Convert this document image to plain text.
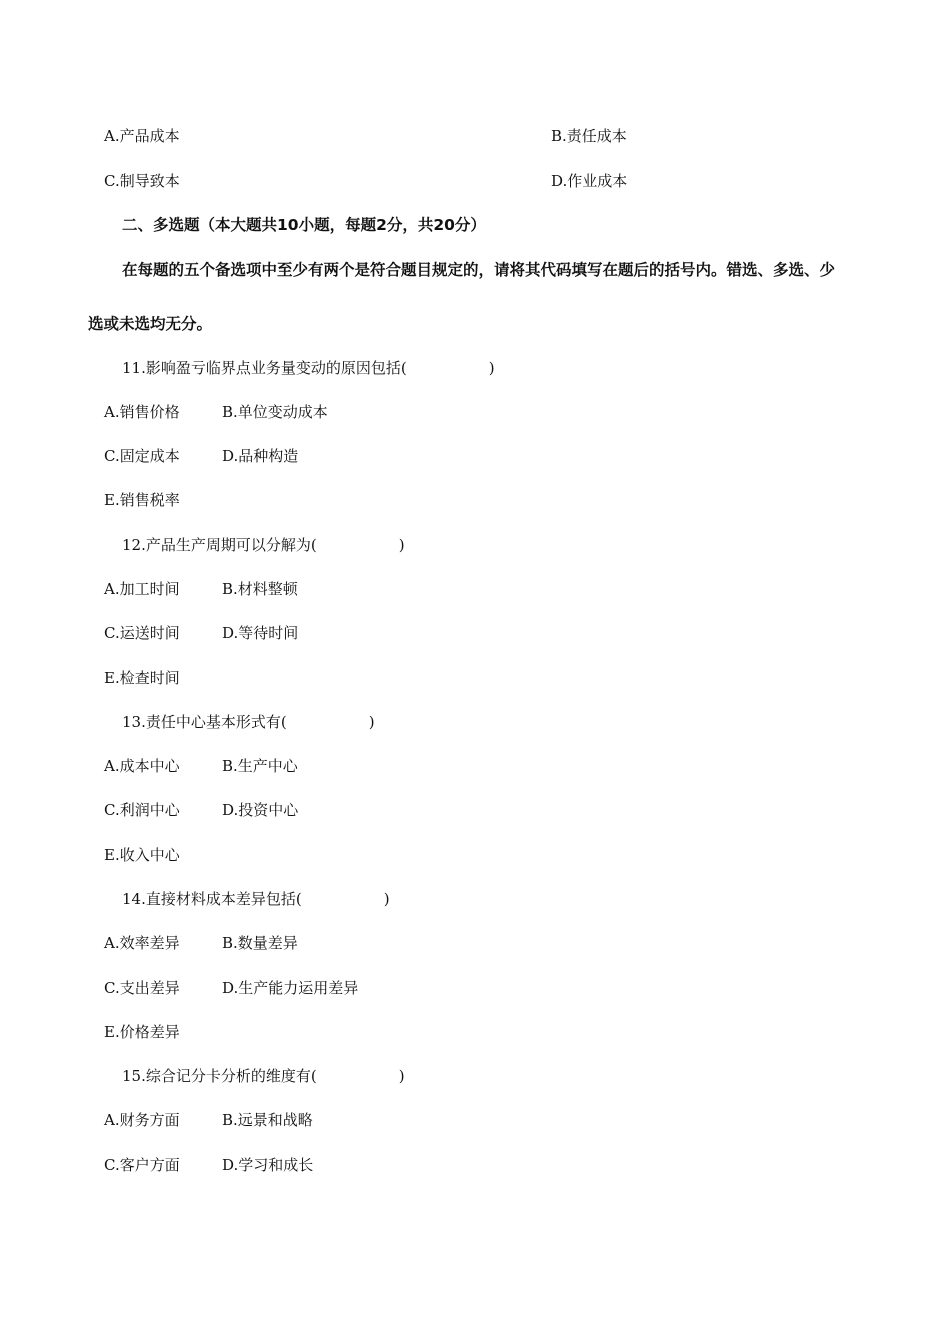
A.产品成本	B.责任成本
C.制导致本	D.作业成本
二、多选题（本大题共10小题，每题2分，共20分）
在每题的五个备选项中至少有两个是符合题目规定的，请将其代码填写在题后的括号内。错选、多选、少
选或未选均无分。
11.影响盈亏临界点业务量变动的原因包括(	)
A.销售价格	B.单位变动成本
C.固定成本	D.品种构造
E.销售税率
12.产品生产周期可以分解为(	)
A.加工时间	B.材料整顿
C.运送时间	D.等待时间
E.检查时间
13.责任中心基本形式有(	)
A.成本中心	B.生产中心
C.利润中心	D.投资中心
E.收入中心
14.直接材料成本差异包括(	)
A.效率差异	B.数量差异
C.支出差异	D.生产能力运用差异
E.价格差异
15.综合记分卡分析的维度有(	)
A.财务方面	B.远景和战略
C.客户方面	D.学习和成长
